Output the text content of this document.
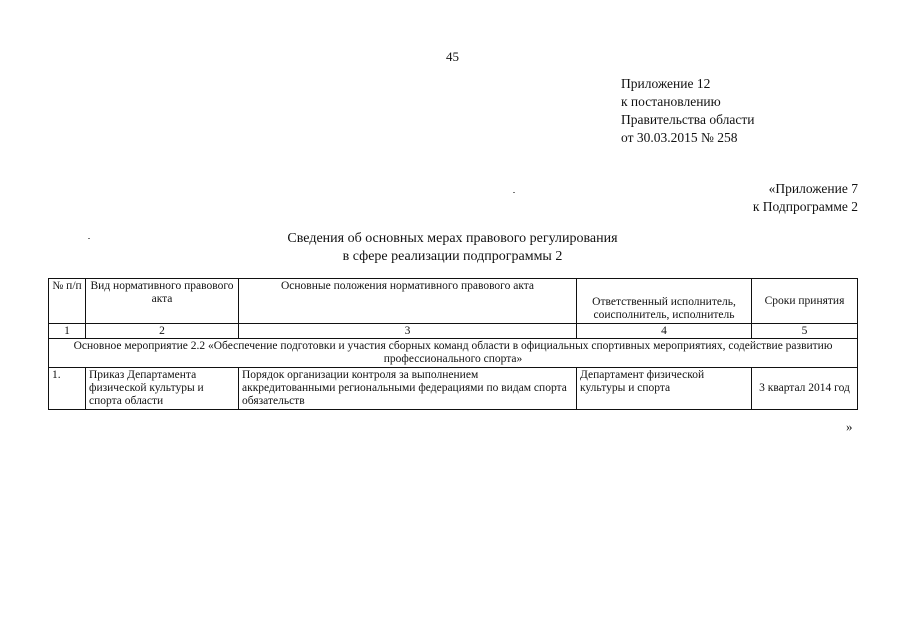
45
Приложение 12
к постановлению
Правительства области
от 30.03.2015 № 258
«Приложение 7
к Подпрограмме 2
Сведения об основных мерах правового регулирования
в сфере реализации подпрограммы 2
№ п/п	Вид нормативного правового акта	Основные положения нормативного правового акта	Ответственный исполнитель, соисполнитель, исполнитель	Сроки принятия
1	2	3	4	5
Основное мероприятие 2.2 «Обеспечение подготовки и участия сборных команд области в официальных спортивных мероприятиях, содействие развитию профессионального спорта»				
1.	Приказ Департамента физической культуры и спорта области	Порядок организации контроля за выполнением аккредитованными региональными федерациями по видам спорта обязательств	Департамент физической культуры и спорта	3 квартал 2014 год
»
